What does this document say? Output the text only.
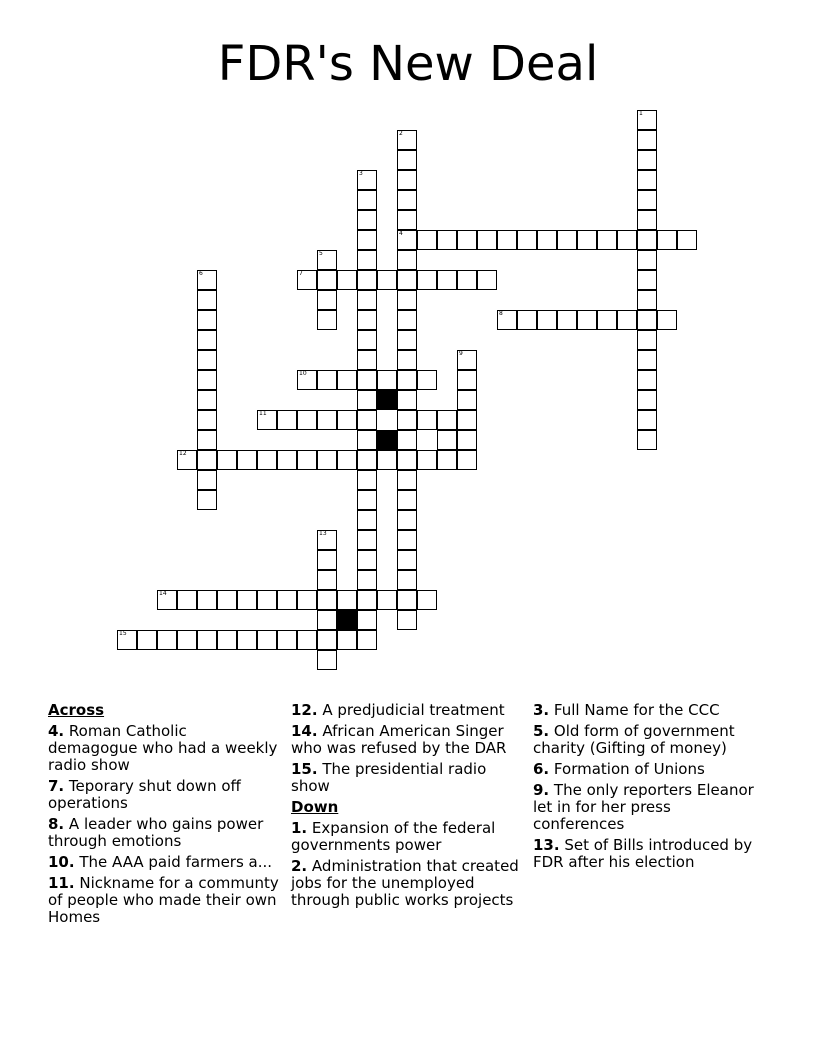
FDR's New Deal
1
2
4
3
5
6	7
8
9
10
11
12
13
14
15
Across
4. Roman Catholic demagogue who had a weekly radio show
7. Teporary shut down off operations
8. A leader who gains power through emotions
10. The AAA paid farmers a...
11. Nickname for a communty of people who made their own Homes
12. A predjudicial treatment
14. African American Singer who was refused by the DAR
15. The presidential radio show
Down
1. Expansion of the federal governments power
2. Administration that created jobs for the unemployed through public works projects
3. Full Name for the CCC
5. Old form of government charity (Gifting of money)
6. Formation of Unions
9. The only reporters Eleanor let in for her press conferences
13. Set of Bills introduced by FDR after his election
